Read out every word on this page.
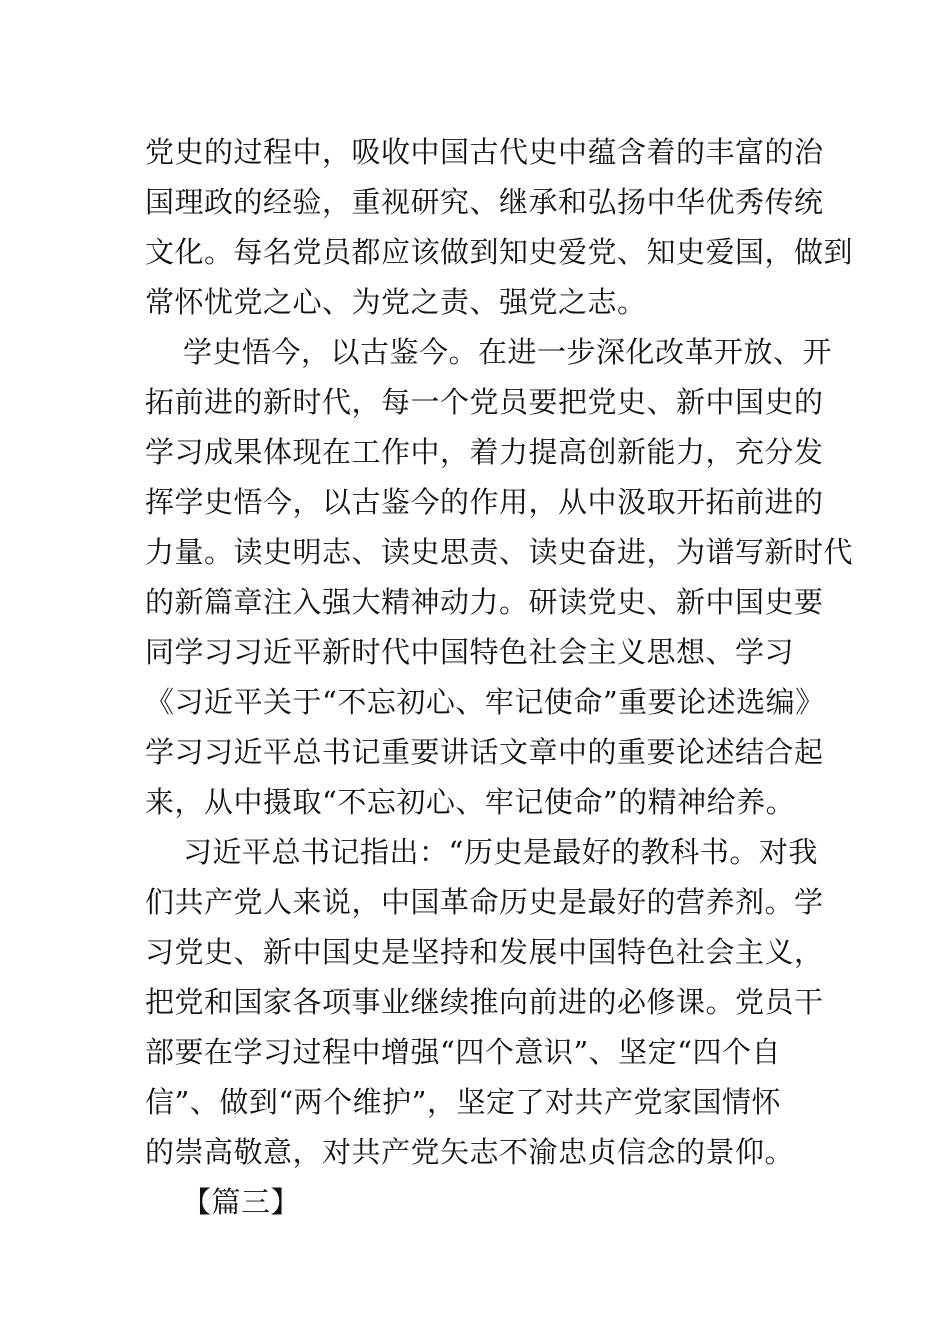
党史的过程中，吸收中国古代史中蕴含着的丰富的治
国理政的经验，重视研究、继承和弘扬中华优秀传统
文化。每名党员都应该做到知史爱党、知史爱国，做到
常怀忧党之心、为党之责、强党之志。
学史悟今，以古鉴今。在进一步深化改革开放、开
拓前进的新时代，每一个党员要把党史、新中国史的
学习成果体现在工作中，着力提高创新能力，充分发
挥学史悟今，以古鉴今的作用，从中汲取开拓前进的
力量。读史明志、读史思责、读史奋进，为谱写新时代
的新篇章注入强大精神动力。研读党史、新中国史要
同学习习近平新时代中国特色社会主义思想、学习
《习近平关于“不忘初心、牢记使命”重要论述选编》
学习习近平总书记重要讲话文章中的重要论述结合起
来，从中摄取“不忘初心、牢记使命”的精神给养。
习近平总书记指出：“历史是最好的教科书。对我
们共产党人来说，中国革命历史是最好的营养剂。学
习党史、新中国史是坚持和发展中国特色社会主义，
把党和国家各项事业继续推向前进的必修课。党员干
部要在学习过程中增强“四个意识”、坚定“四个自
信”、做到“两个维护”，坚定了对共产党家国情怀
的崇高敬意，对共产党矢志不渝忠贞信念的景仰。
【篇三】
